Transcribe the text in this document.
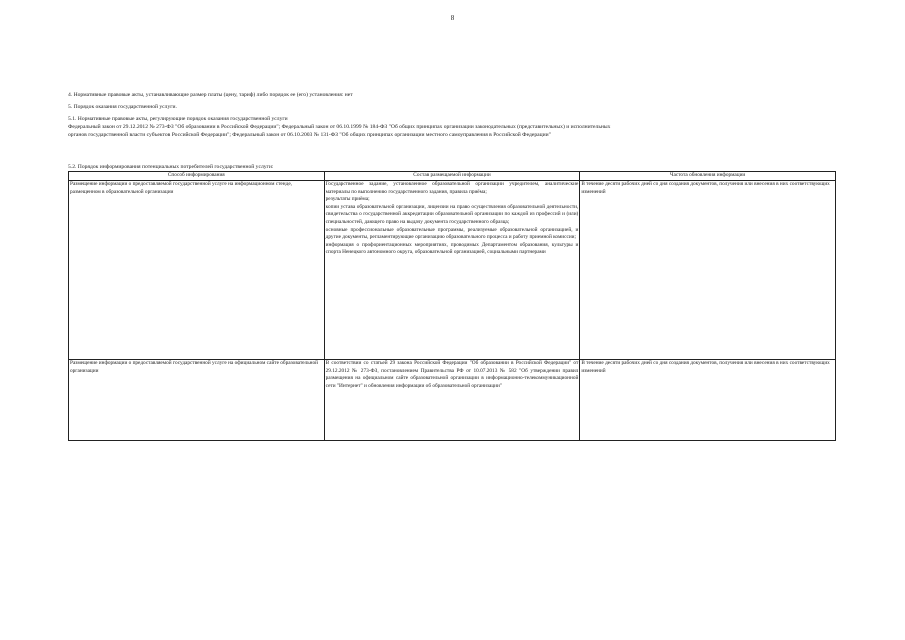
8

4. Нормативные правовые акты, устанавливающие размер платы (цену, тариф) либо порядок ее (его) установления: нет

5. Порядок оказания государственной услуги.

5.1. Нормативные правовые акты, регулирующие порядок оказания государственной услуги

Федеральный закон от 29.12.2012 № 273-ФЗ "Об образовании в Российской Федерации"; Федеральный закон от 06.10.1999 № 184-ФЗ "Об общих принципах организации законодательных (представительных) и исполнительных

органов государственной власти субъектов Российской Федерации"; Федеральный закон от 06.10.2003 № 131-ФЗ "Об общих принципах организации местного самоуправления в Российской Федерации"

5.2. Порядок информирования потенциальных потребителей государственной услуги:

Способ информирования	Состав размещаемой информации	Частота обновления информации
Размещение информации о предоставляемой государственной услуге на информационном стенде, размещенном в образовательной организации	Государственное задание, установленное образовательной организации учредителем, аналитические материалы по выполнению государственного задания, правила приёма;
результаты приёма;
копии устава образовательной организации, лицензии на право осуществления образовательной деятельности, свидетельства о государственной аккредитации образовательной организации по каждой из профессий и (или) специальностей, дающего право на выдачу документа государственного образца;
основные профессиональные образовательные программы, реализуемые образовательной организацией, и другие документы, регламентирующие организацию образовательного процесса и работу приемной комиссии;
информация о профориентационных мероприятиях, проводимых Департаментом образования, культуры и спорта Ненецкого автономного округа, образовательной организацией, социальными партнерами	В течение десяти рабочих дней со дня создания документов, получения или внесения в них соответствующих изменений
Размещение информации о предоставляемой государственной услуге на официальном сайте образовательной организации	В соответствии со статьей 29 закона Российской Федерации "Об образовании в Российской Федерации" от 29.12.2012 № 273-ФЗ, постановлением Правительства РФ от 10.07.2013 № 582 "Об утверждении правил размещения на официальном сайте образовательной организации в информационно-телекоммуникационной сети "Интернет" и обновления информации об образовательной организации"	В течение десяти рабочих дней со дня создания документов, получения или внесения в них соответствующих изменений
